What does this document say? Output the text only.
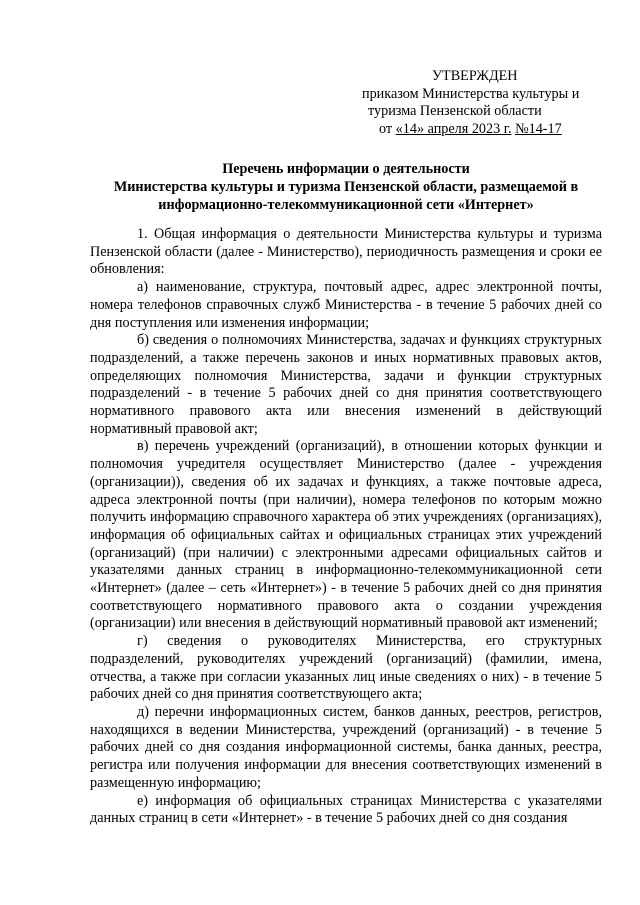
УТВЕРЖДЕН
приказом Министерства культуры и
туризма Пензенской области
от «14» апреля 2023 г. №14-17
Перечень информации о деятельности
Министерства культуры и туризма Пензенской области, размещаемой в
информационно-телекоммуникационной сети «Интернет»

1. Общая информация о деятельности Министерства культуры и туризма Пензенской области (далее - Министерство), периодичность размещения и сроки ее обновления:

а) наименование, структура, почтовый адрес, адрес электронной почты, номера телефонов справочных служб Министерства - в течение 5 рабочих дней со дня поступления или изменения информации;

б) сведения о полномочиях Министерства, задачах и функциях структурных подразделений, а также перечень законов и иных нормативных правовых актов, определяющих полномочия Министерства, задачи и функции структурных подразделений - в течение 5 рабочих дней со дня принятия соответствующего нормативного правового акта или внесения изменений в действующий нормативный правовой акт;

в) перечень учреждений (организаций), в отношении которых функции и полномочия учредителя осуществляет Министерство (далее - учреждения (организации)), сведения об их задачах и функциях, а также почтовые адреса, адреса электронной почты (при наличии), номера телефонов по которым можно получить информацию справочного характера об этих учреждениях (организациях), информация об официальных сайтах и официальных страницах этих учреждений (организаций) (при наличии) с электронными адресами официальных сайтов и указателями данных страниц в информационно-телекоммуникационной сети «Интернет» (далее – сеть «Интернет») - в течение 5 рабочих дней со дня принятия соответствующего нормативного правового акта о создании учреждения (организации) или внесения в действующий нормативный правовой акт изменений;

г) сведения о руководителях Министерства, его структурных подразделений, руководителях учреждений (организаций) (фамилии, имена, отчества, а также при согласии указанных лиц иные сведениях о них) - в течение 5 рабочих дней со дня принятия соответствующего акта;

д) перечни информационных систем, банков данных, реестров, регистров, находящихся в ведении Министерства, учреждений (организаций) - в течение 5 рабочих дней со дня создания информационной системы, банка данных, реестра, регистра или получения информации для внесения соответствующих изменений в размещенную информацию;

е) информация об официальных страницах Министерства с указателями данных страниц в сети «Интернет» - в течение 5 рабочих дней со дня создания
